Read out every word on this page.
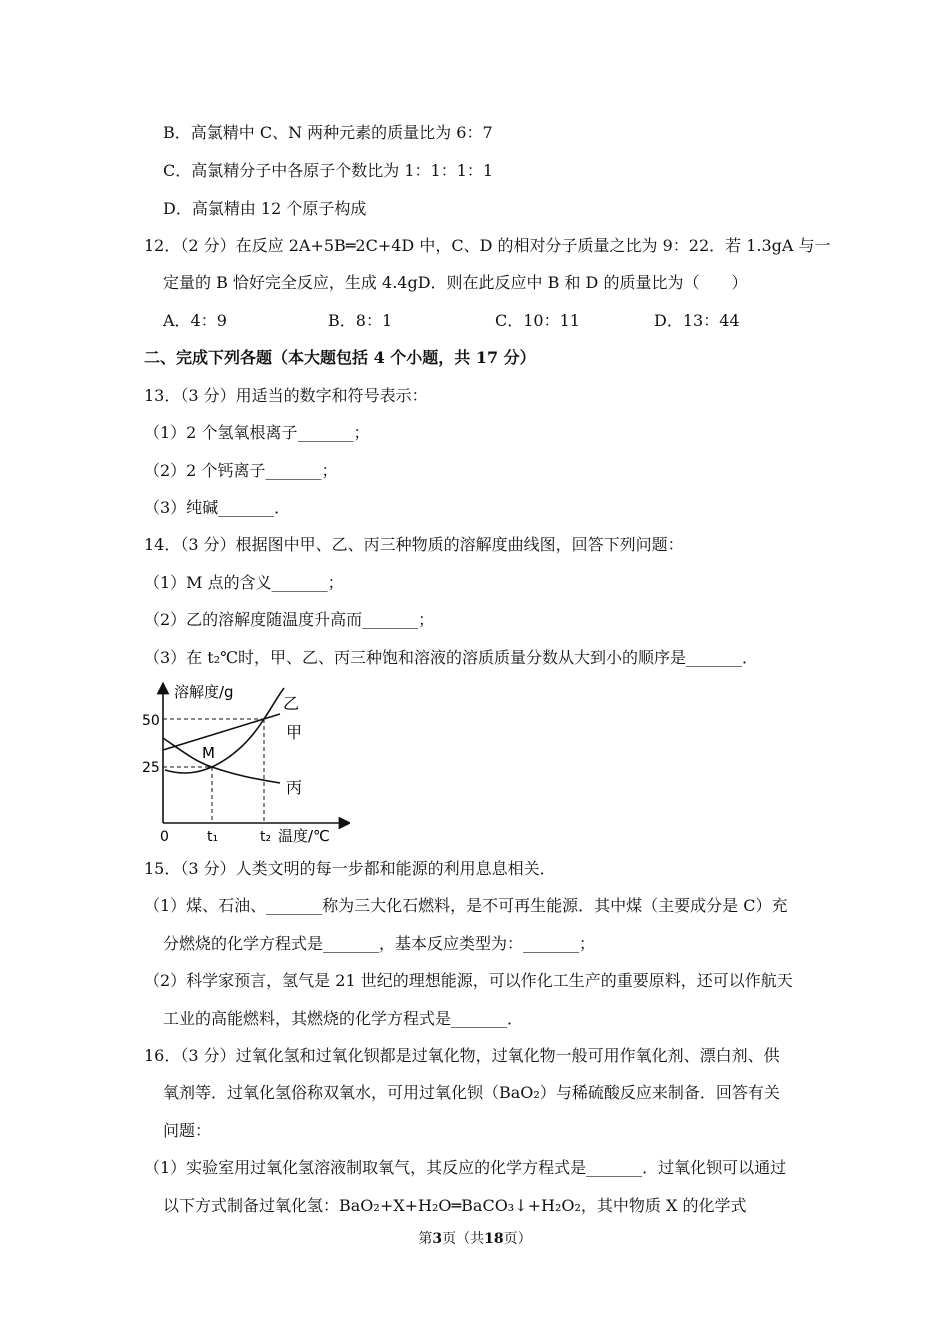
B．高氯精中 C、N 两种元素的质量比为 6：7
C．高氯精分子中各原子个数比为 1：1：1：1
D．高氯精由 12 个原子构成
12．（2 分）在反应 2A+5B═2C+4D 中，C、D 的相对分子质量之比为 9：22．若 1.3gA 与一
定量的 B 恰好完全反应，生成 4.4gD．则在此反应中 B 和 D 的质量比为（　　）
A．4：9	B．8：1	C．10：11	D．13：44
二、完成下列各题（本大题包括 4 个小题，共 17 分）
13．（3 分）用适当的数字和符号表示：
（1）2 个氢氧根离子_______；
（2）2 个钙离子_______；
（3）纯碱_______．
14．（3 分）根据图中甲、乙、丙三种物质的溶解度曲线图，回答下列问题：
（1）M 点的含义_______；
（2）乙的溶解度随温度升高而_______；
（3）在 t₂℃时，甲、乙、丙三种饱和溶液的溶质质量分数从大到小的顺序是_______．
溶解度/g
50
25
0	t₁	t₂ 温度/℃
M
乙
甲
丙
15．（3 分）人类文明的每一步都和能源的利用息息相关．
（1）煤、石油、_______称为三大化石燃料，是不可再生能源．其中煤（主要成分是 C）充
分燃烧的化学方程式是_______，基本反应类型为：_______；
（2）科学家预言，氢气是 21 世纪的理想能源，可以作化工生产的重要原料，还可以作航天
工业的高能燃料，其燃烧的化学方程式是_______．
16．（3 分）过氧化氢和过氧化钡都是过氧化物，过氧化物一般可用作氧化剂、漂白剂、供
氧剂等．过氧化氢俗称双氧水，可用过氧化钡（BaO₂）与稀硫酸反应来制备．回答有关
问题：
（1）实验室用过氧化氢溶液制取氧气，其反应的化学方程式是_______．过氧化钡可以通过
以下方式制备过氧化氢：BaO₂+X+H₂O═BaCO₃↓+H₂O₂，其中物质 X 的化学式
第3页（共18页）
